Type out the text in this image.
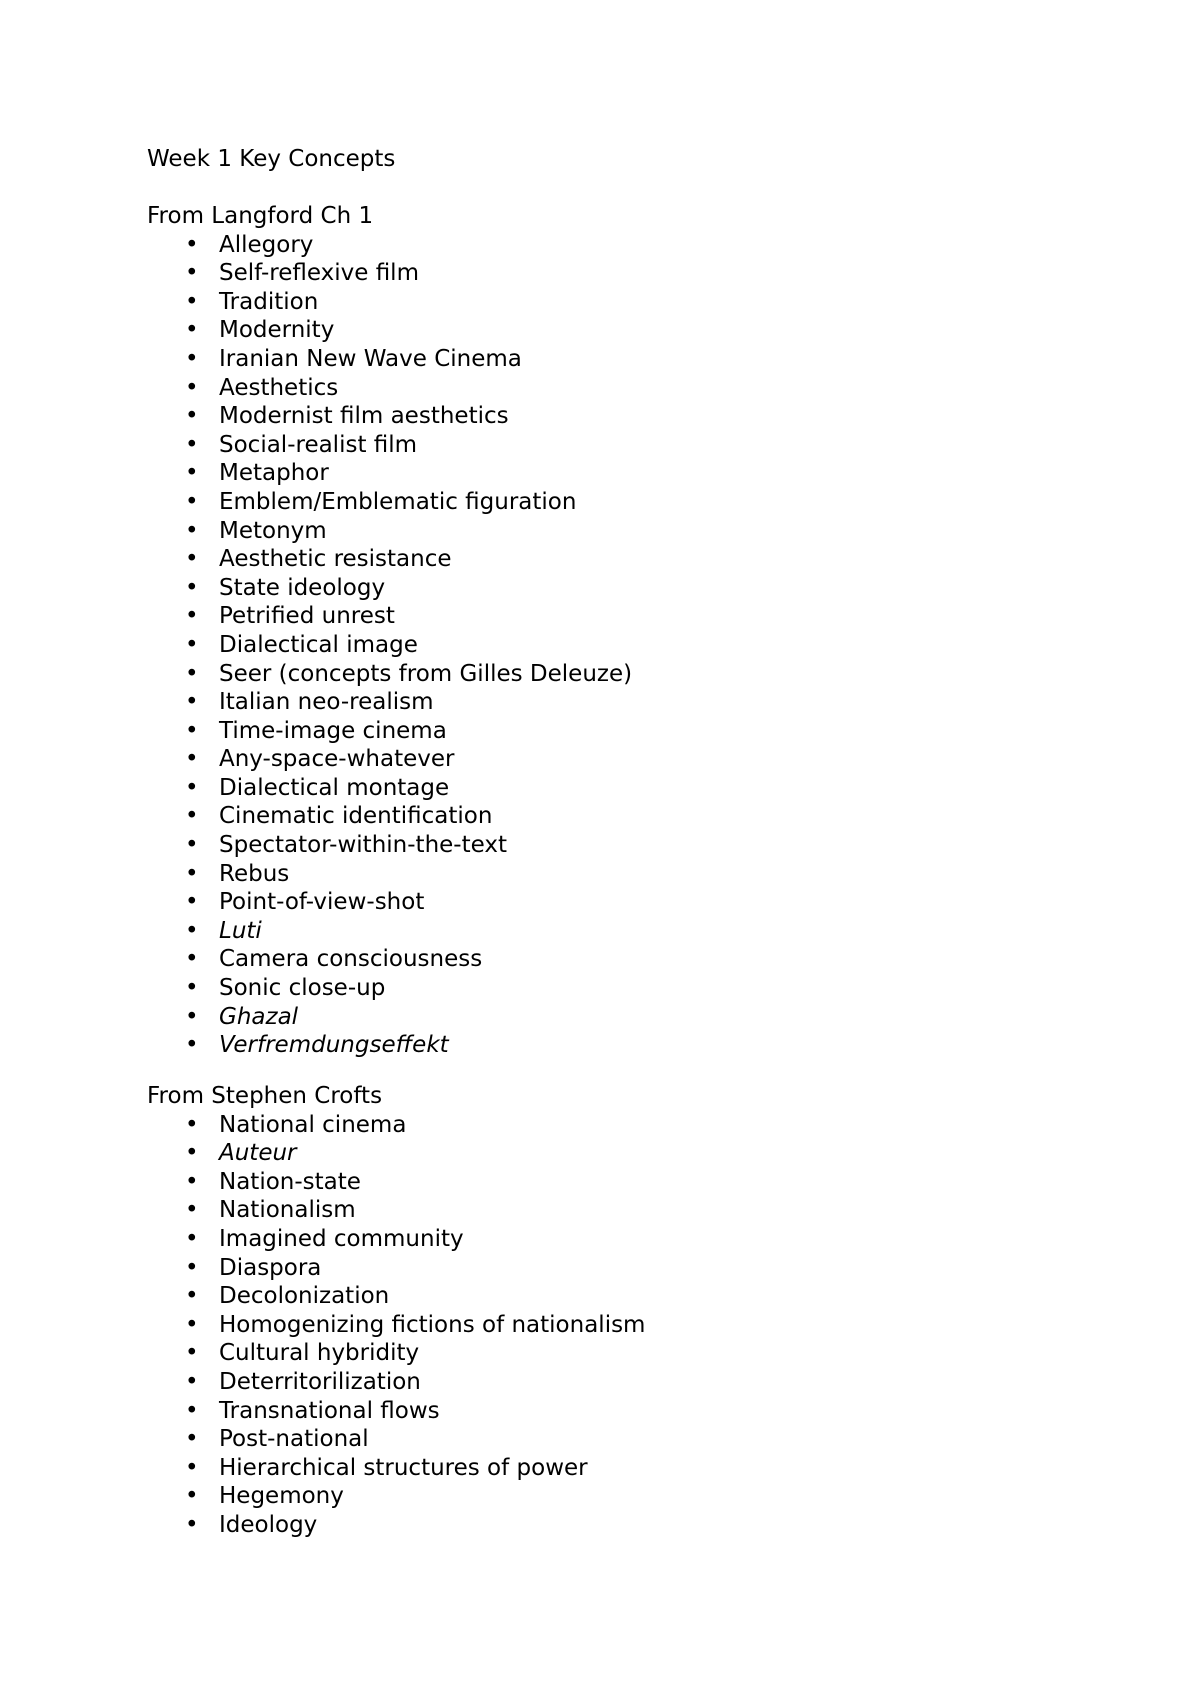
Week 1 Key Concepts
From Langford Ch 1
• Allegory
• Self-reflexive film
• Tradition
• Modernity
• Iranian New Wave Cinema
• Aesthetics
• Modernist film aesthetics
• Social-realist film
• Metaphor
• Emblem/Emblematic figuration
• Metonym
• Aesthetic resistance
• State ideology
• Petrified unrest
• Dialectical image
• Seer (concepts from Gilles Deleuze)
• Italian neo-realism
• Time-image cinema
• Any-space-whatever
• Dialectical montage
• Cinematic identification
• Spectator-within-the-text
• Rebus
• Point-of-view-shot
• Luti
• Camera consciousness
• Sonic close-up
• Ghazal
• Verfremdungseffekt
From Stephen Crofts
• National cinema
• Auteur
• Nation-state
• Nationalism
• Imagined community
• Diaspora
• Decolonization
• Homogenizing fictions of nationalism
• Cultural hybridity
• Deterritorilization
• Transnational flows
• Post-national
• Hierarchical structures of power
• Hegemony
• Ideology
